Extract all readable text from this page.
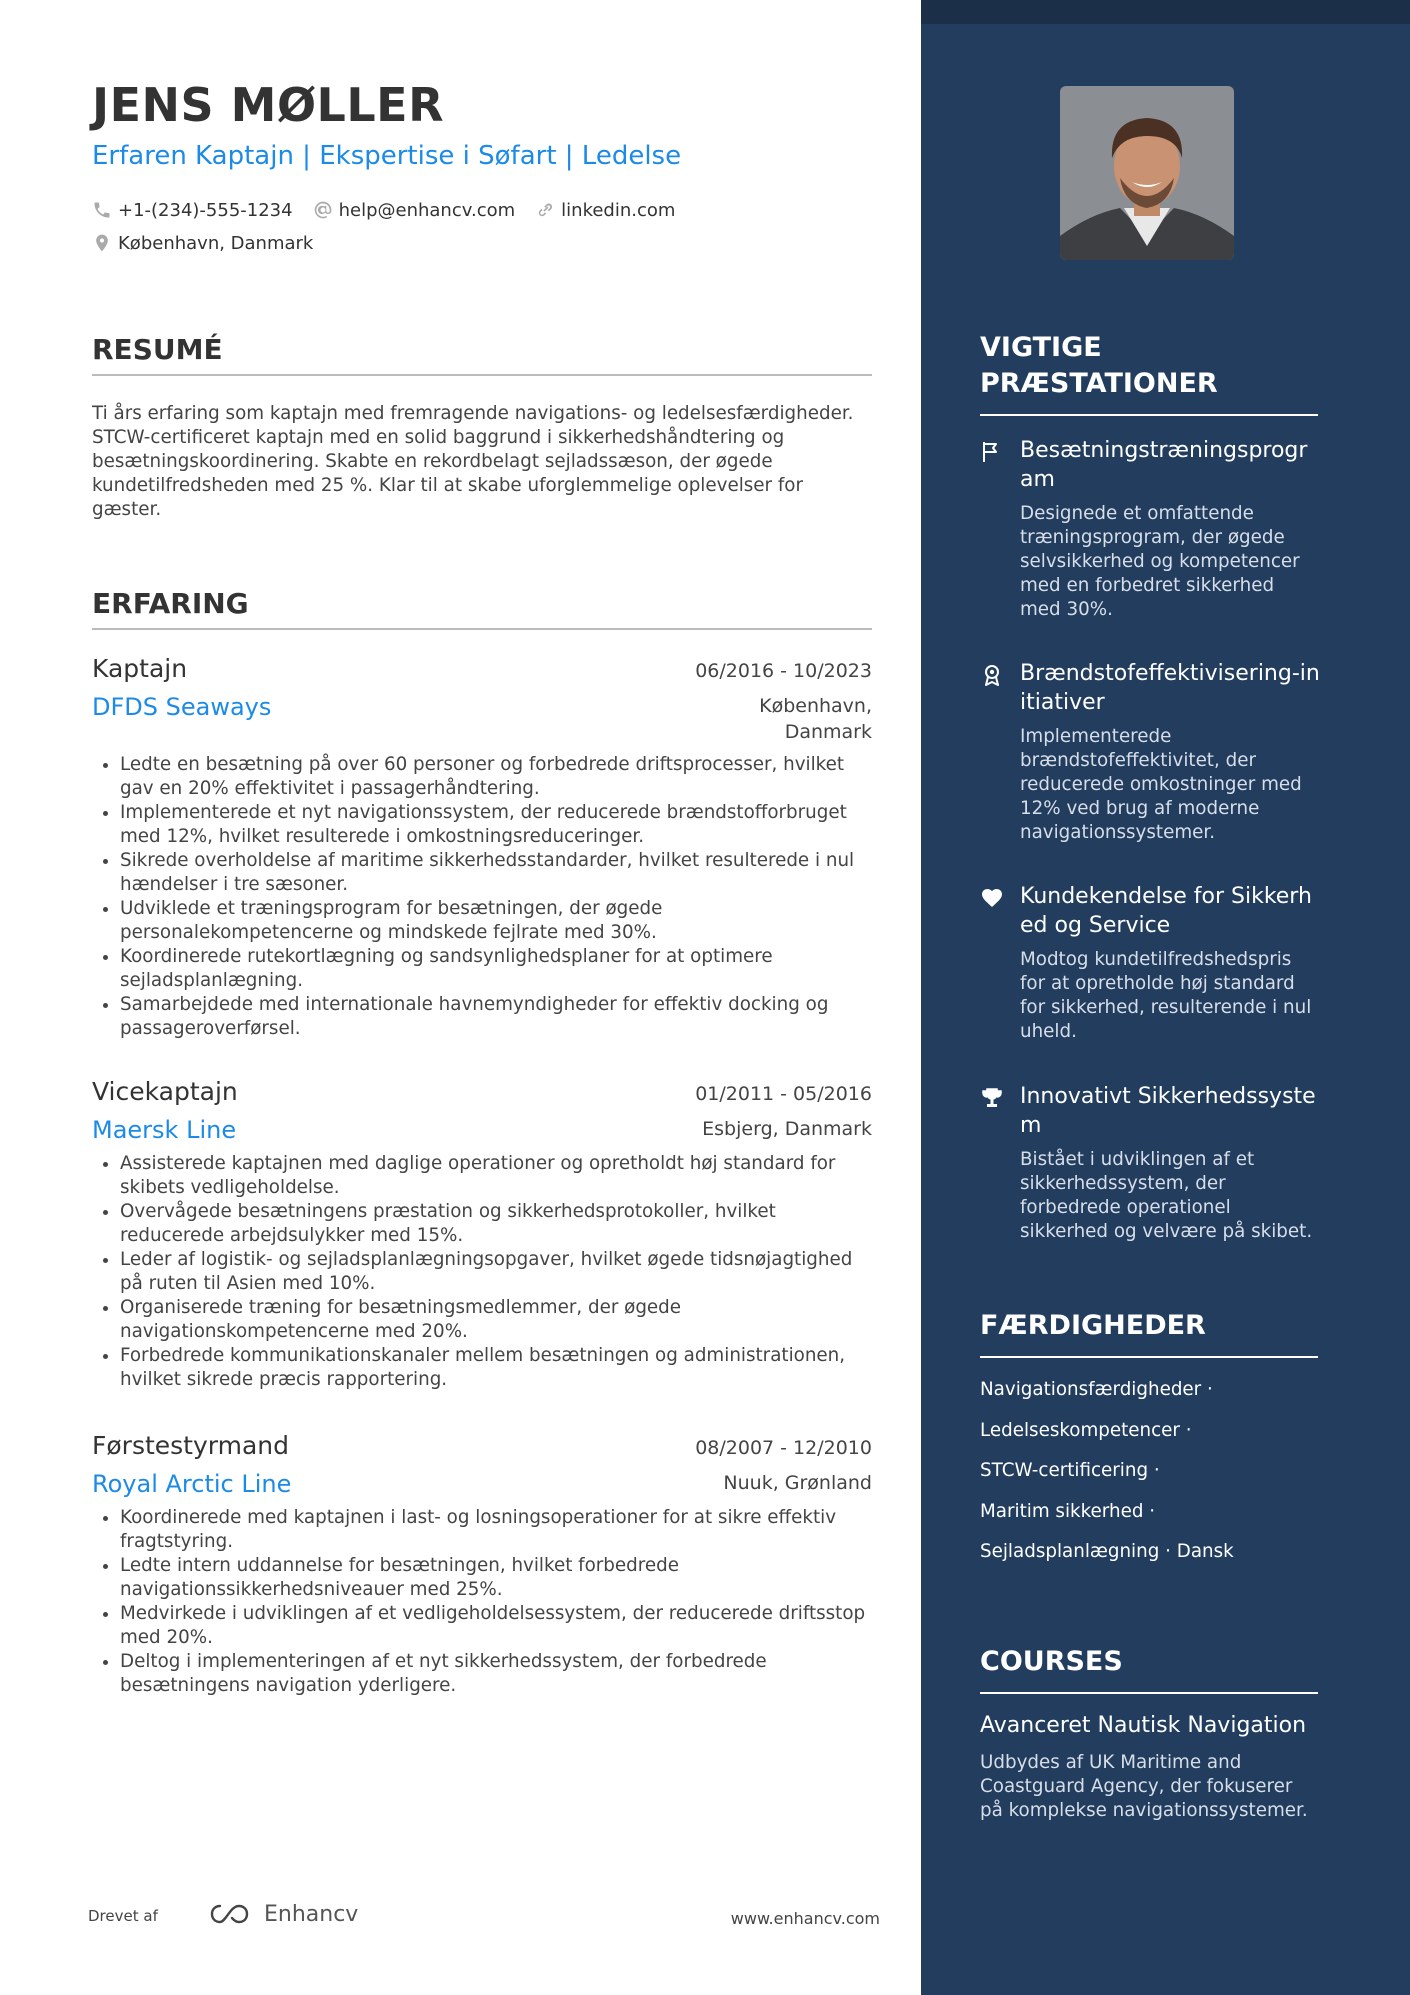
JENS MØLLER

Erfaren Kaptajn | Ekspertise i Søfart | Ledelse

+1-(234)-555-1234	help@enhancv.com	linkedin.com
København, Danmark
RESUMÉ

Ti års erfaring som kaptajn med fremragende navigations- og ledelsesfærdigheder. STCW-certificeret kaptajn med en solid baggrund i sikkerhedshåndtering og besætningskoordinering. Skabte en rekordbelagt sejladssæson, der øgede kundetilfredsheden med 25 %. Klar til at skabe uforglemmelige oplevelser for gæster.

ERFARING
Kaptajn	06/2016 - 10/2023
DFDS Seaways	København,
Danmark
• Ledte en besætning på over 60 personer og forbedrede driftsprocesser, hvilket gav en 20% effektivitet i passagerhåndtering.
• Implementerede et nyt navigationssystem, der reducerede brændstofforbruget med 12%, hvilket resulterede i omkostningsreduceringer.
• Sikrede overholdelse af maritime sikkerhedsstandarder, hvilket resulterede i nul hændelser i tre sæsoner.
• Udviklede et træningsprogram for besætningen, der øgede personalekompetencerne og mindskede fejlrate med 30%.
• Koordinerede rutekortlægning og sandsynlighedsplaner for at optimere sejladsplanlægning.
• Samarbejdede med internationale havnemyndigheder for effektiv docking og passageroverførsel.
Vicekaptajn	01/2011 - 05/2016
Maersk Line	Esbjerg, Danmark
• Assisterede kaptajnen med daglige operationer og opretholdt høj standard for skibets vedligeholdelse.
• Overvågede besætningens præstation og sikkerhedsprotokoller, hvilket reducerede arbejdsulykker med 15%.
• Leder af logistik- og sejladsplanlægningsopgaver, hvilket øgede tidsnøjagtighed på ruten til Asien med 10%.
• Organiserede træning for besætningsmedlemmer, der øgede navigationskompetencerne med 20%.
• Forbedrede kommunikationskanaler mellem besætningen og administrationen, hvilket sikrede præcis rapportering.
Førstestyrmand	08/2007 - 12/2010
Royal Arctic Line	Nuuk, Grønland
• Koordinerede med kaptajnen i last- og losningsoperationer for at sikre effektiv fragtstyring.
• Ledte intern uddannelse for besætningen, hvilket forbedrede navigationssikkerhedsniveauer med 25%.
• Medvirkede i udviklingen af et vedligeholdelsessystem, der reducerede driftsstop med 20%.
• Deltog i implementeringen af et nyt sikkerhedssystem, der forbedrede besætningens navigation yderligere.
Drevet af	Enhancv	www.enhancv.com
VIGTIGE
PRÆSTATIONER
Besætningstræningsprogram
Designede et omfattende træningsprogram, der øgede selvsikkerhed og kompetencer med en forbedret sikkerhed med 30%.
Brændstofeffektivisering-initiativer
Implementerede brændstofeffektivitet, der reducerede omkostninger med 12% ved brug af moderne navigationssystemer.
Kundekendelse for Sikkerhed og Service
Modtog kundetilfredshedspris for at opretholde høj standard for sikkerhed, resulterende i nul uheld.
Innovativt Sikkerhedssystem
Bistået i udviklingen af et sikkerhedssystem, der forbedrede operationel sikkerhed og velvære på skibet.
FÆRDIGHEDER
Navigationsfærdigheder ·
Ledelseskompetencer ·
STCW-certificering ·
Maritim sikkerhed ·
Sejladsplanlægning · Dansk
COURSES
Avanceret Nautisk Navigation
Udbydes af UK Maritime and Coastguard Agency, der fokuserer på komplekse navigationssystemer.
